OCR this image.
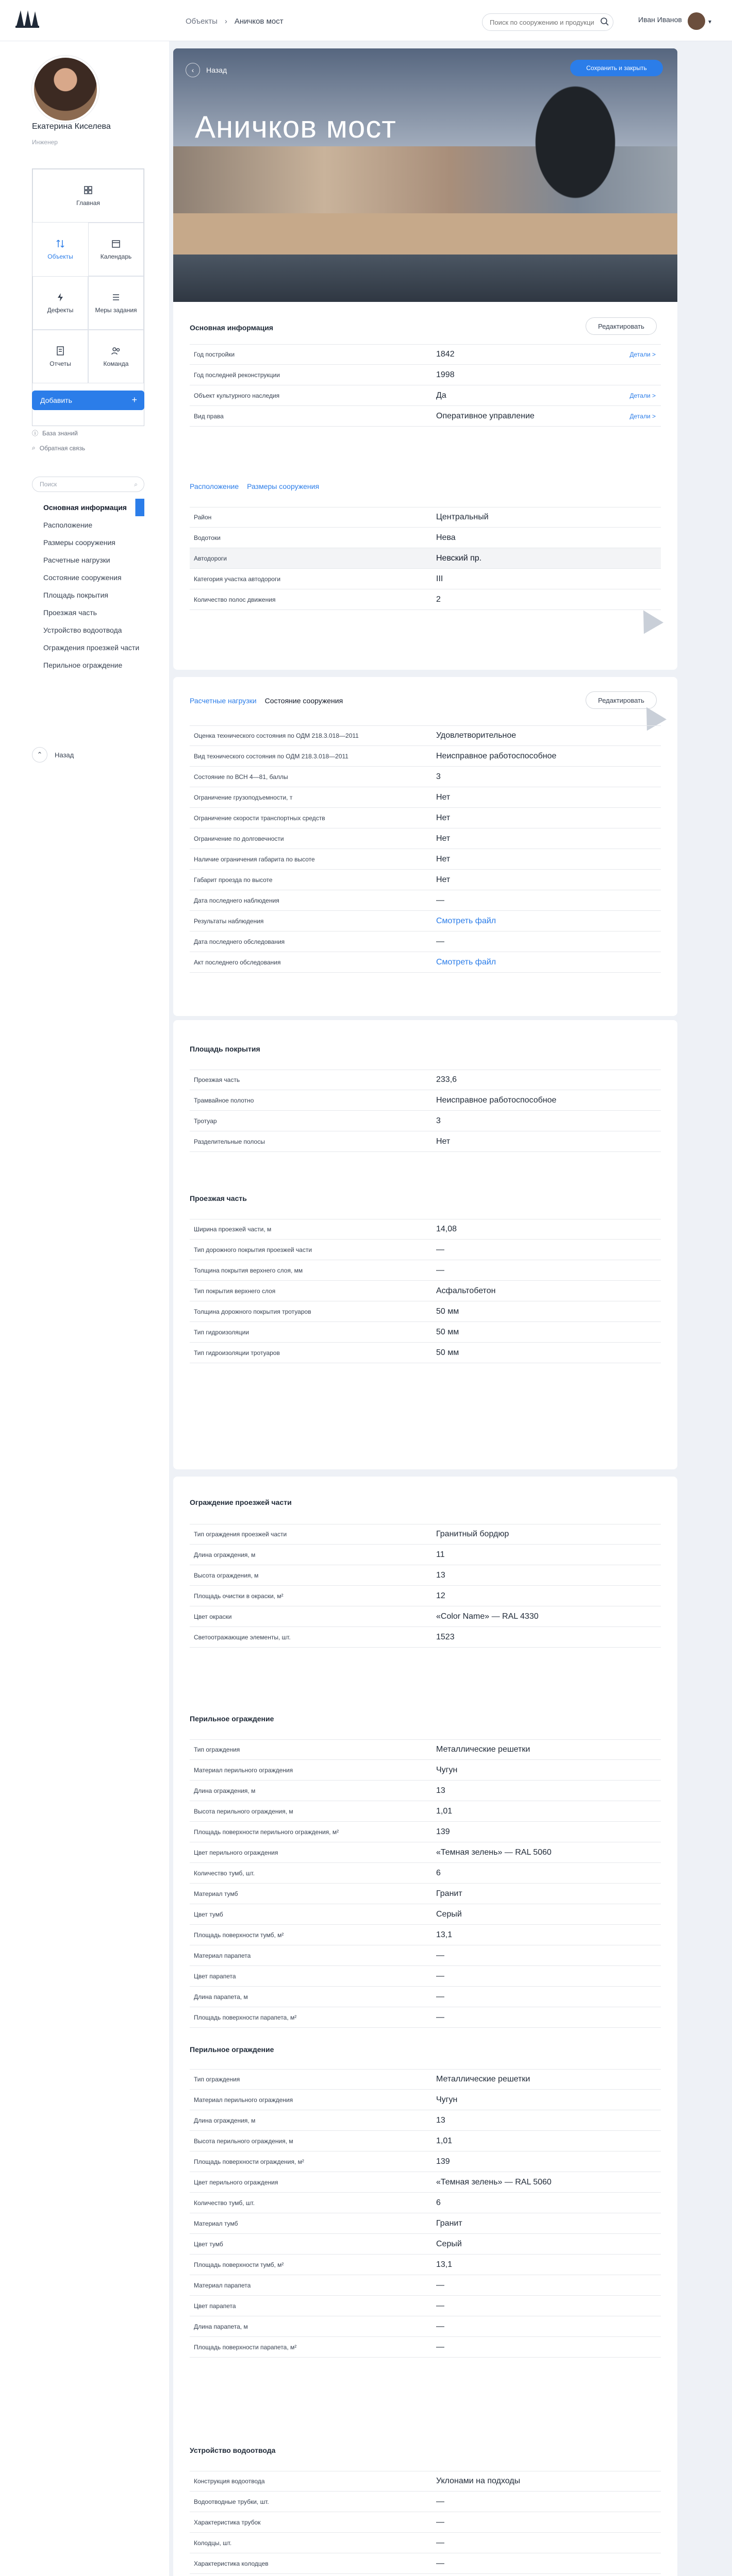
Объекты › Аничков мост
Поиск по сооружению и продукции	Иван Иванов	▾
Екатерина Киселева
Инженер
Главная
Объекты	Календарь
Дефекты	Меры задания
Отчеты	Команда
Добавить	+
ⓘ База знаний
⌕ Обратная связь
Поиск	⌕
Основная информация
Расположение
Размеры сооружения
Расчетные нагрузки
Состояние сооружения
Площадь покрытия
Проезжая часть
Устройство водоотвода
Ограждения проезжей части
Перильное ограждение
⌃	Назад
‹	Назад	Сохранить и закрыть
Аничков мост
Основная информация	Редактировать
Год постройки	1842	Детали >
Год последней реконструкции	1998
Объект культурного наследия	Да	Детали >
Вид права	Оперативное управление	Детали >
Расположение Размеры сооружения
Район	Центральный
Водотоки	Нева
Автодороги	Невский пр.
Категория участка автодороги	III
Количество полос движения	2
Расчетные нагрузки Состояние сооружения	Редактировать
Оценка технического состояния по ОДМ 218.3.018—2011	Удовлетворительное
Вид технического состояния по ОДМ 218.3.018—2011	Неисправное работоспособное
Состояние по ВСН 4—81, баллы	3
Ограничение грузоподъемности, т	Нет
Ограничение скорости транспортных средств	Нет
Ограничение по долговечности	Нет
Наличие ограничения габарита по высоте	Нет
Габарит проезда по высоте	Нет
Дата последнего наблюдения	—
Результаты наблюдения	Смотреть файл
Дата последнего обследования	—
Акт последнего обследования	Смотреть файл
Площадь покрытия
Проезжая часть	233,6
Трамвайное полотно	Неисправное работоспособное
Тротуар	3
Разделительные полосы	Нет
Проезжая часть
Ширина проезжей части, м	14,08
Тип дорожного покрытия проезжей части	—
Толщина покрытия верхнего слоя, мм	—
Тип покрытия верхнего слоя	Асфальтобетон
Толщина дорожного покрытия тротуаров	50 мм
Тип гидроизоляции	50 мм
Тип гидроизоляции тротуаров	50 мм
Ограждение проезжей части
Тип ограждения проезжей части	Гранитный бордюр
Длина ограждения, м	11
Высота ограждения, м	13
Площадь очистки в окраски, м²	12
Цвет окраски	«Color Name» — RAL 4330
Светоотражающие элементы, шт.	1523
Перильное ограждение
Тип ограждения	Металлические решетки
Материал перильного ограждения	Чугун
Длина ограждения, м	13
Высота перильного ограждения, м	1,01
Площадь поверхности перильного ограждения, м²	139
Цвет перильного ограждения	«Темная зелень» — RAL 5060
Количество тумб, шт.	6
Материал тумб	Гранит
Цвет тумб	Серый
Площадь поверхности тумб, м²	13,1
Материал парапета	—
Цвет парапета	—
Длина парапета, м	—
Площадь поверхности парапета, м²	—
Перильное ограждение
Тип ограждения	Металлические решетки
Материал перильного ограждения	Чугун
Длина ограждения, м	13
Высота перильного ограждения, м	1,01
Площадь поверхности ограждения, м²	139
Цвет перильного ограждения	«Темная зелень» — RAL 5060
Количество тумб, шт.	6
Материал тумб	Гранит
Цвет тумб	Серый
Площадь поверхности тумб, м²	13,1
Материал парапета	—
Цвет парапета	—
Длина парапета, м	—
Площадь поверхности парапета, м²	—
Устройство водоотвода
Конструкция водоотвода	Уклонами на подходы
Водоотводные трубки, шт.	—
Характеристика трубок	—
Колодцы, шт.	—
Характеристика колодцев	—
